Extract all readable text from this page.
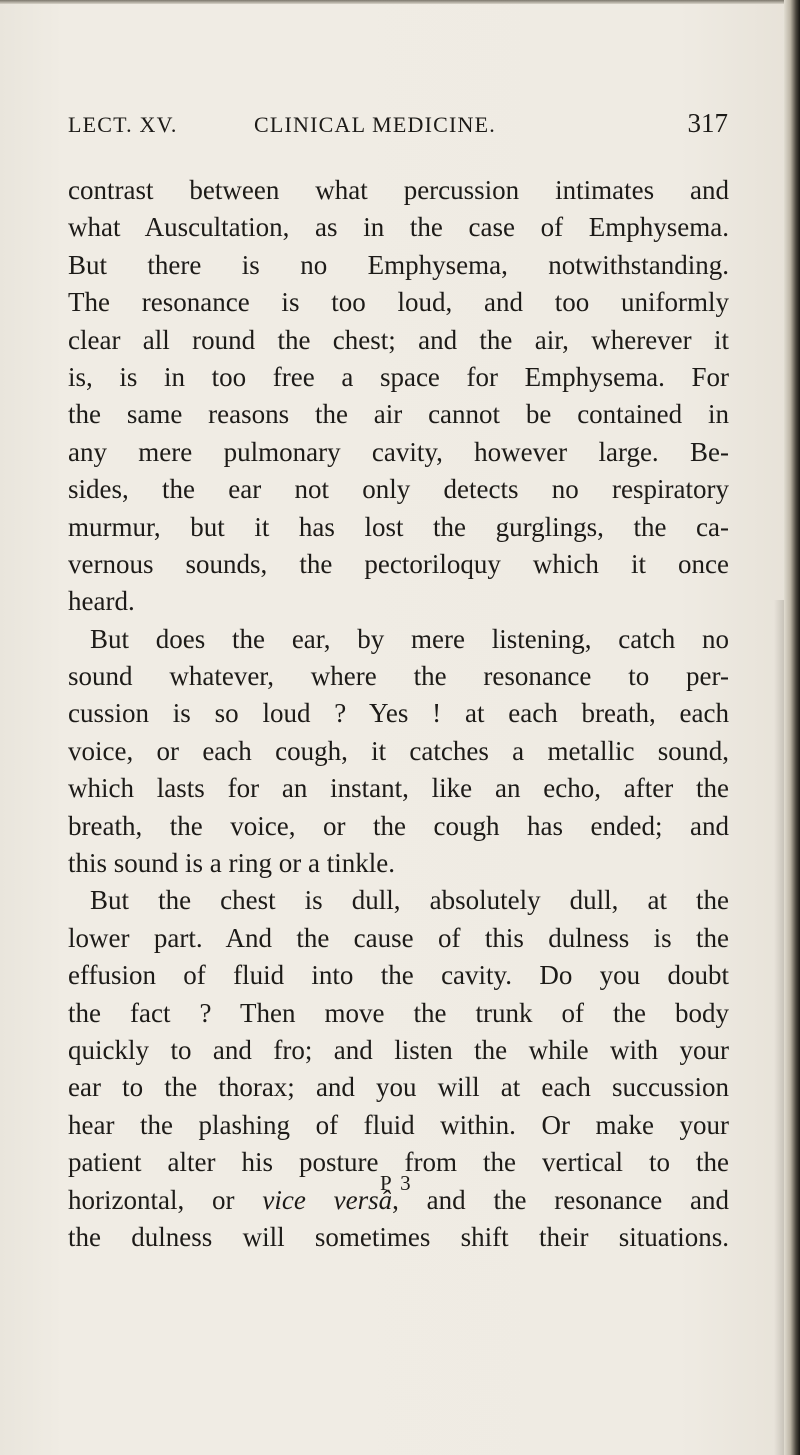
LECT. XV.	CLINICAL MEDICINE.	317
contrast between what percussion intimates and
what Auscultation, as in the case of Emphysema.
But there is no Emphysema, notwithstanding.
The resonance is too loud, and too uniformly
clear all round the chest; and the air, wherever it
is, is in too free a space for Emphysema. For
the same reasons the air cannot be contained in
any mere pulmonary cavity, however large. Be-
sides, the ear not only detects no respiratory
murmur, but it has lost the gurglings, the ca-
vernous sounds, the pectoriloquy which it once
heard.
But does the ear, by mere listening, catch no
sound whatever, where the resonance to per-
cussion is so loud ? Yes ! at each breath, each
voice, or each cough, it catches a metallic sound,
which lasts for an instant, like an echo, after the
breath, the voice, or the cough has ended; and
this sound is a ring or a tinkle.
But the chest is dull, absolutely dull, at the
lower part. And the cause of this dulness is the
effusion of fluid into the cavity. Do you doubt
the fact ? Then move the trunk of the body
quickly to and fro; and listen the while with your
ear to the thorax; and you will at each succussion
hear the plashing of fluid within. Or make your
patient alter his posture from the vertical to the
horizontal, or vice versâ, and the resonance and
the dulness will sometimes shift their situations.
P 3
